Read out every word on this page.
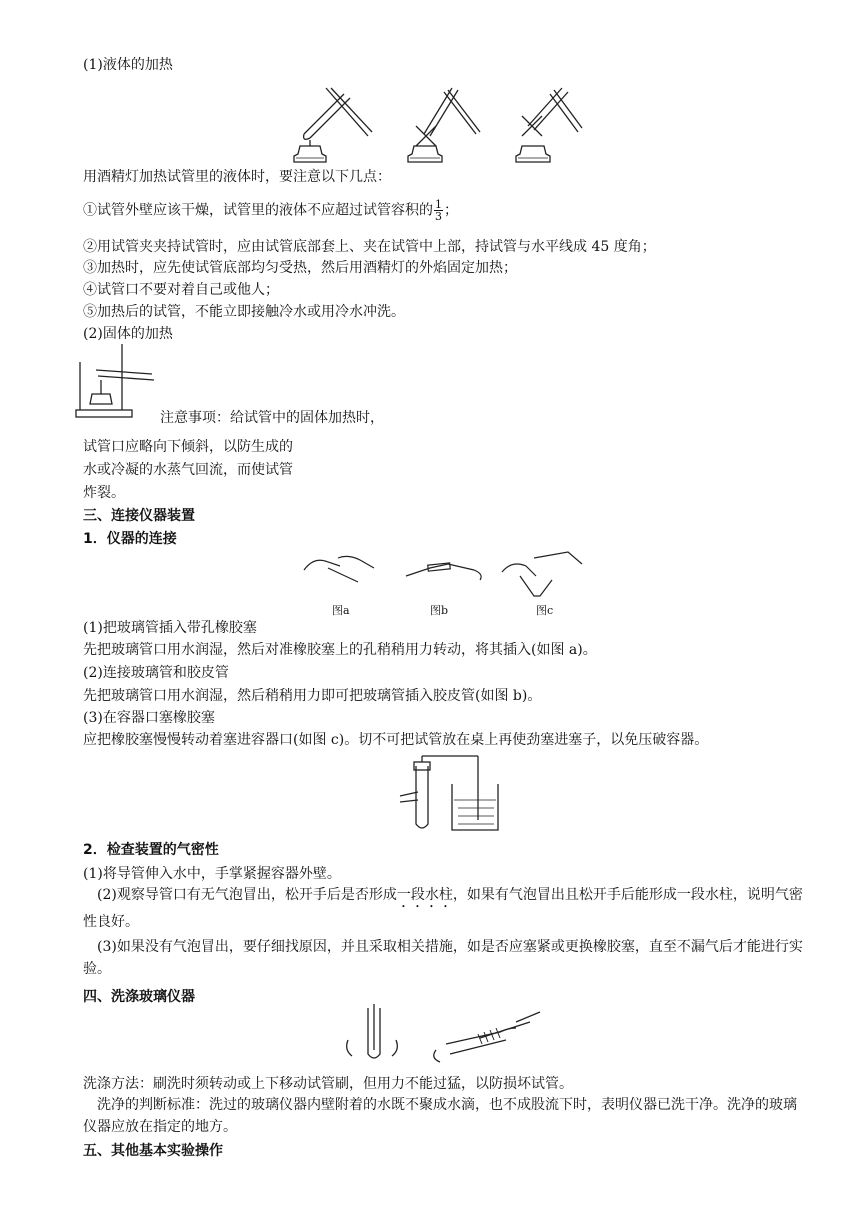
(1)液体的加热
用酒精灯加热试管里的液体时，要注意以下几点：
①试管外壁应该干燥，试管里的液体不应超过试管容积的 $\frac{1}{3}$ ；
②用试管夹夹持试管时，应由试管底部套上、夹在试管中上部，持试管与水平线成 45 度角；
③加热时，应先使试管底部均匀受热，然后用酒精灯的外焰固定加热；
④试管口不要对着自己或他人；
⑤加热后的试管，不能立即接触冷水或用冷水冲洗。
(2)固体的加热
注意事项：给试管中的固体加热时，
试管口应略向下倾斜，以防生成的
水或冷凝的水蒸气回流，而使试管
炸裂。
三、连接仪器装置
1．仪器的连接
图a	图b	图c
(1)把玻璃管插入带孔橡胶塞
先把玻璃管口用水润湿，然后对准橡胶塞上的孔稍稍用力转动，将其插入(如图 a)。
(2)连接玻璃管和胶皮管
先把玻璃管口用水润湿，然后稍稍用力即可把玻璃管插入胶皮管(如图 b)。
(3)在容器口塞橡胶塞
应把橡胶塞慢慢转动着塞进容器口(如图 c)。切不可把试管放在桌上再使劲塞进塞子，以免压破容器。
2．检查装置的气密性
(1)将导管伸入水中，手掌紧握容器外壁。
(2)观察导管口有无气泡冒出，松开手后是否形成一段水柱，如果有气泡冒出且松开手后能形成一段水柱，说明气密性良好。
(3)如果没有气泡冒出，要仔细找原因，并且采取相关措施，如是否应塞紧或更换橡胶塞，直至不漏气后才能进行实验。
四、洗涤玻璃仪器
洗涤方法：刷洗时须转动或上下移动试管刷，但用力不能过猛，以防损坏试管。
洗净的判断标准：洗过的玻璃仪器内壁附着的水既不聚成水滴，也不成股流下时，表明仪器已洗干净。洗净的玻璃仪器应放在指定的地方。
五、其他基本实验操作
